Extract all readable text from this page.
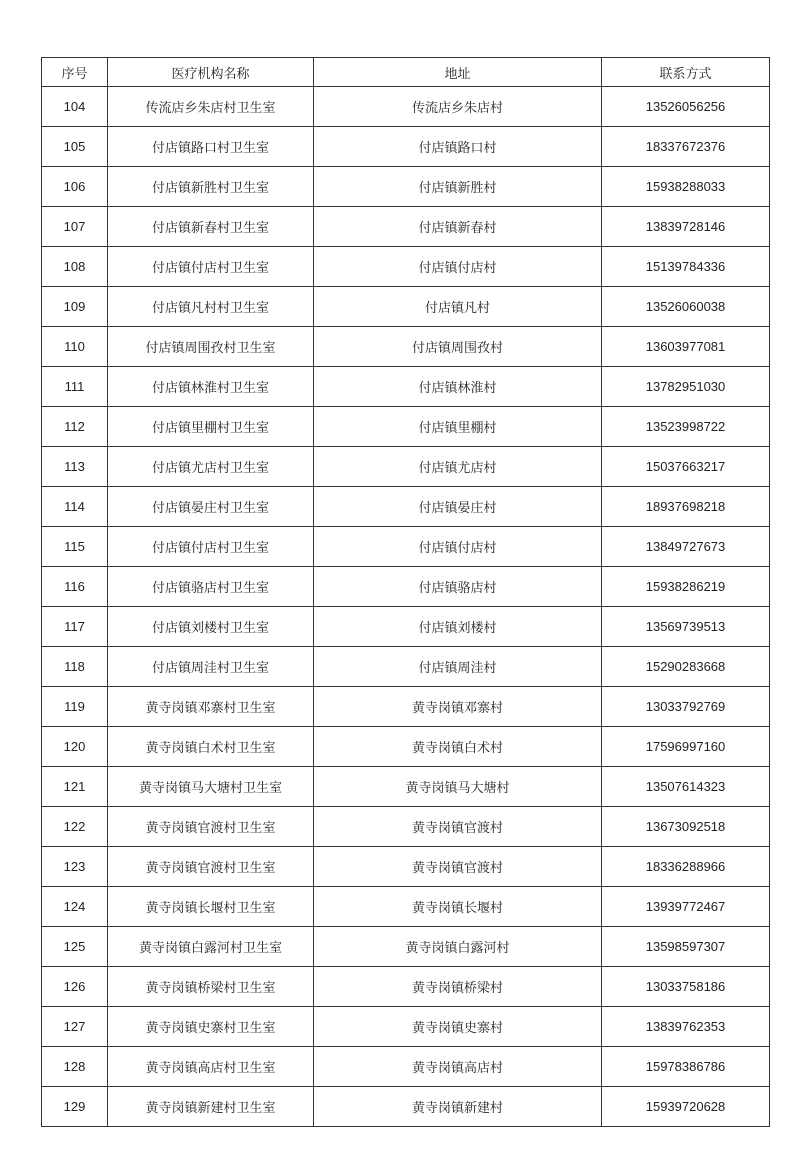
序号	医疗机构名称	地址	联系方式
104	传流店乡朱店村卫生室	传流店乡朱店村	13526056256
105	付店镇路口村卫生室	付店镇路口村	18337672376
106	付店镇新胜村卫生室	付店镇新胜村	15938288033
107	付店镇新春村卫生室	付店镇新春村	13839728146
108	付店镇付店村卫生室	付店镇付店村	15139784336
109	付店镇凡村村卫生室	付店镇凡村	13526060038
110	付店镇周围孜村卫生室	付店镇周围孜村	13603977081
111	付店镇林淮村卫生室	付店镇林淮村	13782951030
112	付店镇里棚村卫生室	付店镇里棚村	13523998722
113	付店镇尤店村卫生室	付店镇尤店村	15037663217
114	付店镇晏庄村卫生室	付店镇晏庄村	18937698218
115	付店镇付店村卫生室	付店镇付店村	13849727673
116	付店镇骆店村卫生室	付店镇骆店村	15938286219
117	付店镇刘楼村卫生室	付店镇刘楼村	13569739513
118	付店镇周洼村卫生室	付店镇周洼村	15290283668
119	黄寺岗镇邓寨村卫生室	黄寺岗镇邓寨村	13033792769
120	黄寺岗镇白术村卫生室	黄寺岗镇白术村	17596997160
121	黄寺岗镇马大塘村卫生室	黄寺岗镇马大塘村	13507614323
122	黄寺岗镇官渡村卫生室	黄寺岗镇官渡村	13673092518
123	黄寺岗镇官渡村卫生室	黄寺岗镇官渡村	18336288966
124	黄寺岗镇长堰村卫生室	黄寺岗镇长堰村	13939772467
125	黄寺岗镇白露河村卫生室	黄寺岗镇白露河村	13598597307
126	黄寺岗镇桥梁村卫生室	黄寺岗镇桥梁村	13033758186
127	黄寺岗镇史寨村卫生室	黄寺岗镇史寨村	13839762353
128	黄寺岗镇高店村卫生室	黄寺岗镇高店村	15978386786
129	黄寺岗镇新建村卫生室	黄寺岗镇新建村	15939720628
